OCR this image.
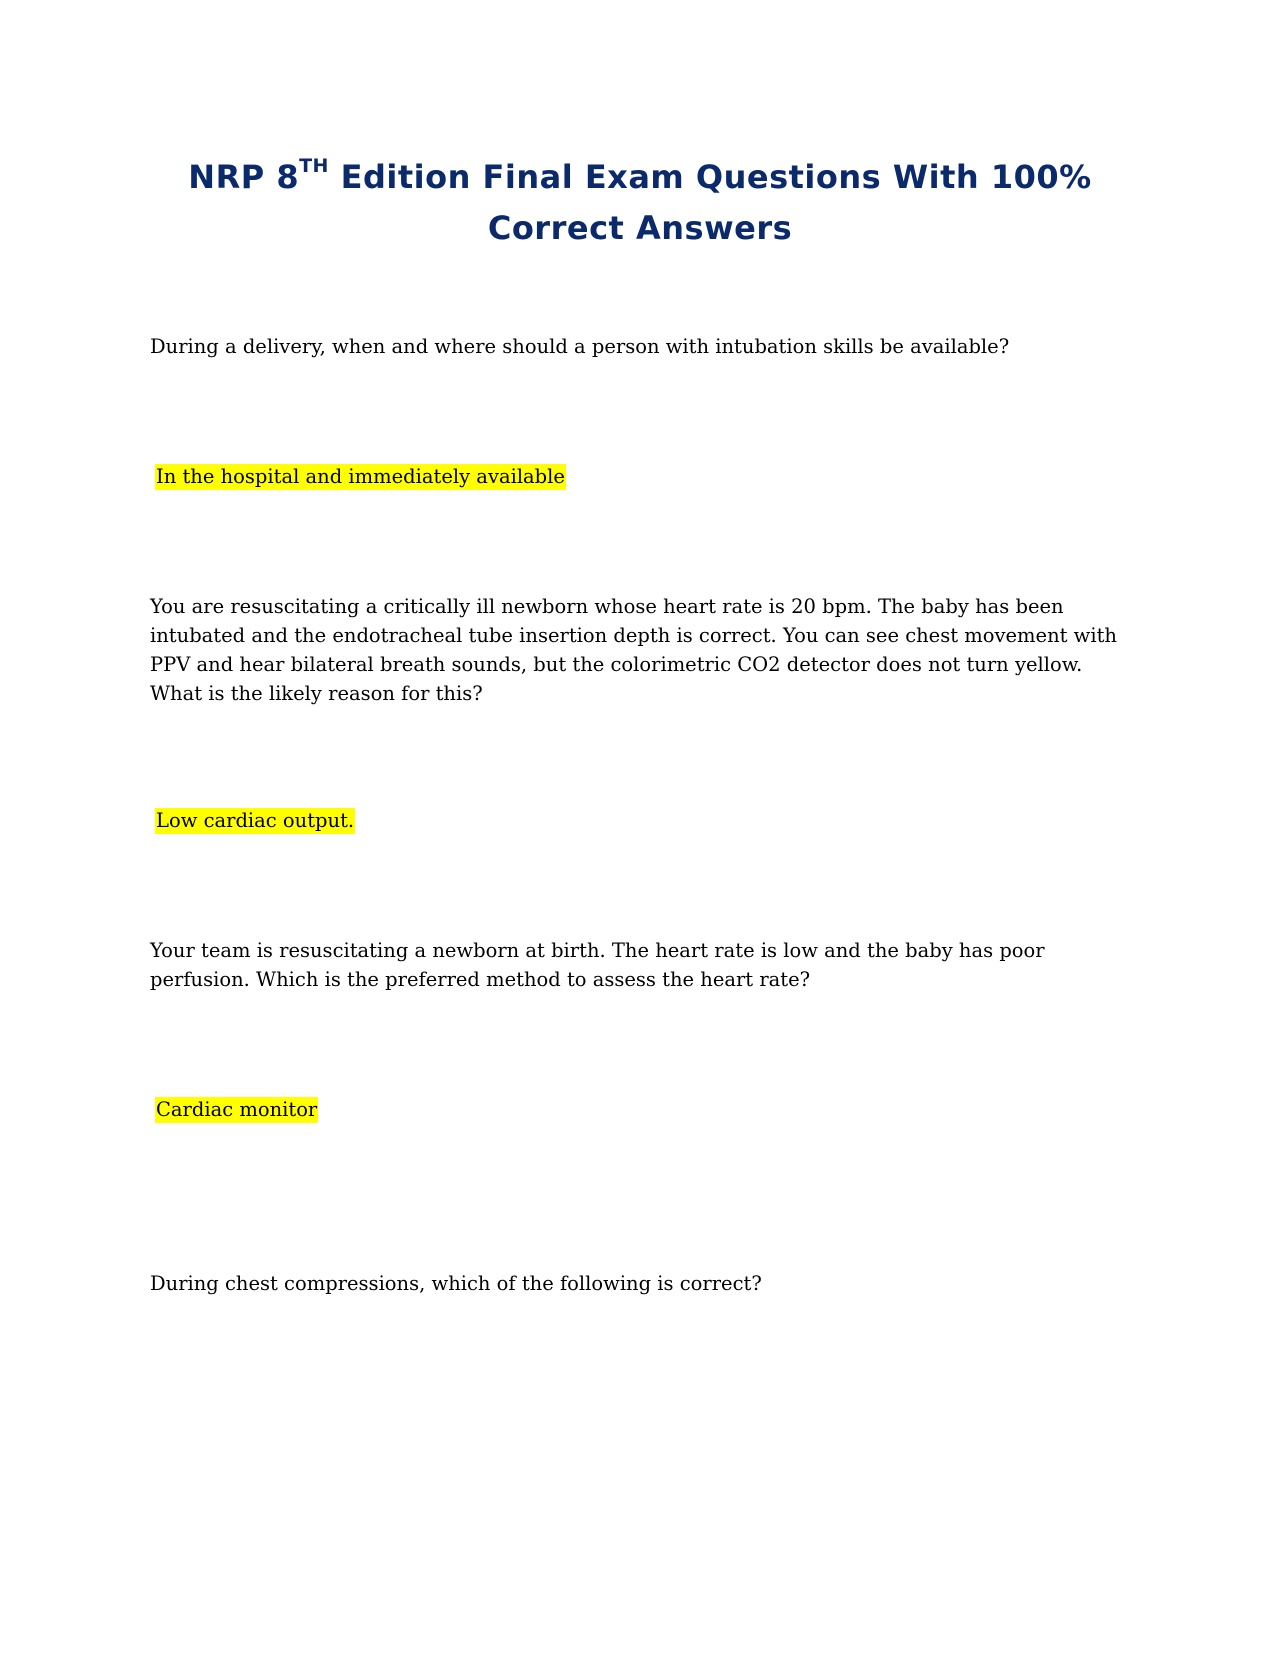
NRP 8TH Edition Final Exam Questions With 100% Correct Answers

During a delivery, when and where should a person with intubation skills be available?

In the hospital and immediately available

You are resuscitating a critically ill newborn whose heart rate is 20 bpm. The baby has been intubated and the endotracheal tube insertion depth is correct. You can see chest movement with PPV and hear bilateral breath sounds, but the colorimetric CO2 detector does not turn yellow. What is the likely reason for this?

Low cardiac output.

Your team is resuscitating a newborn at birth. The heart rate is low and the baby has poor perfusion. Which is the preferred method to assess the heart rate?

Cardiac monitor

During chest compressions, which of the following is correct?
